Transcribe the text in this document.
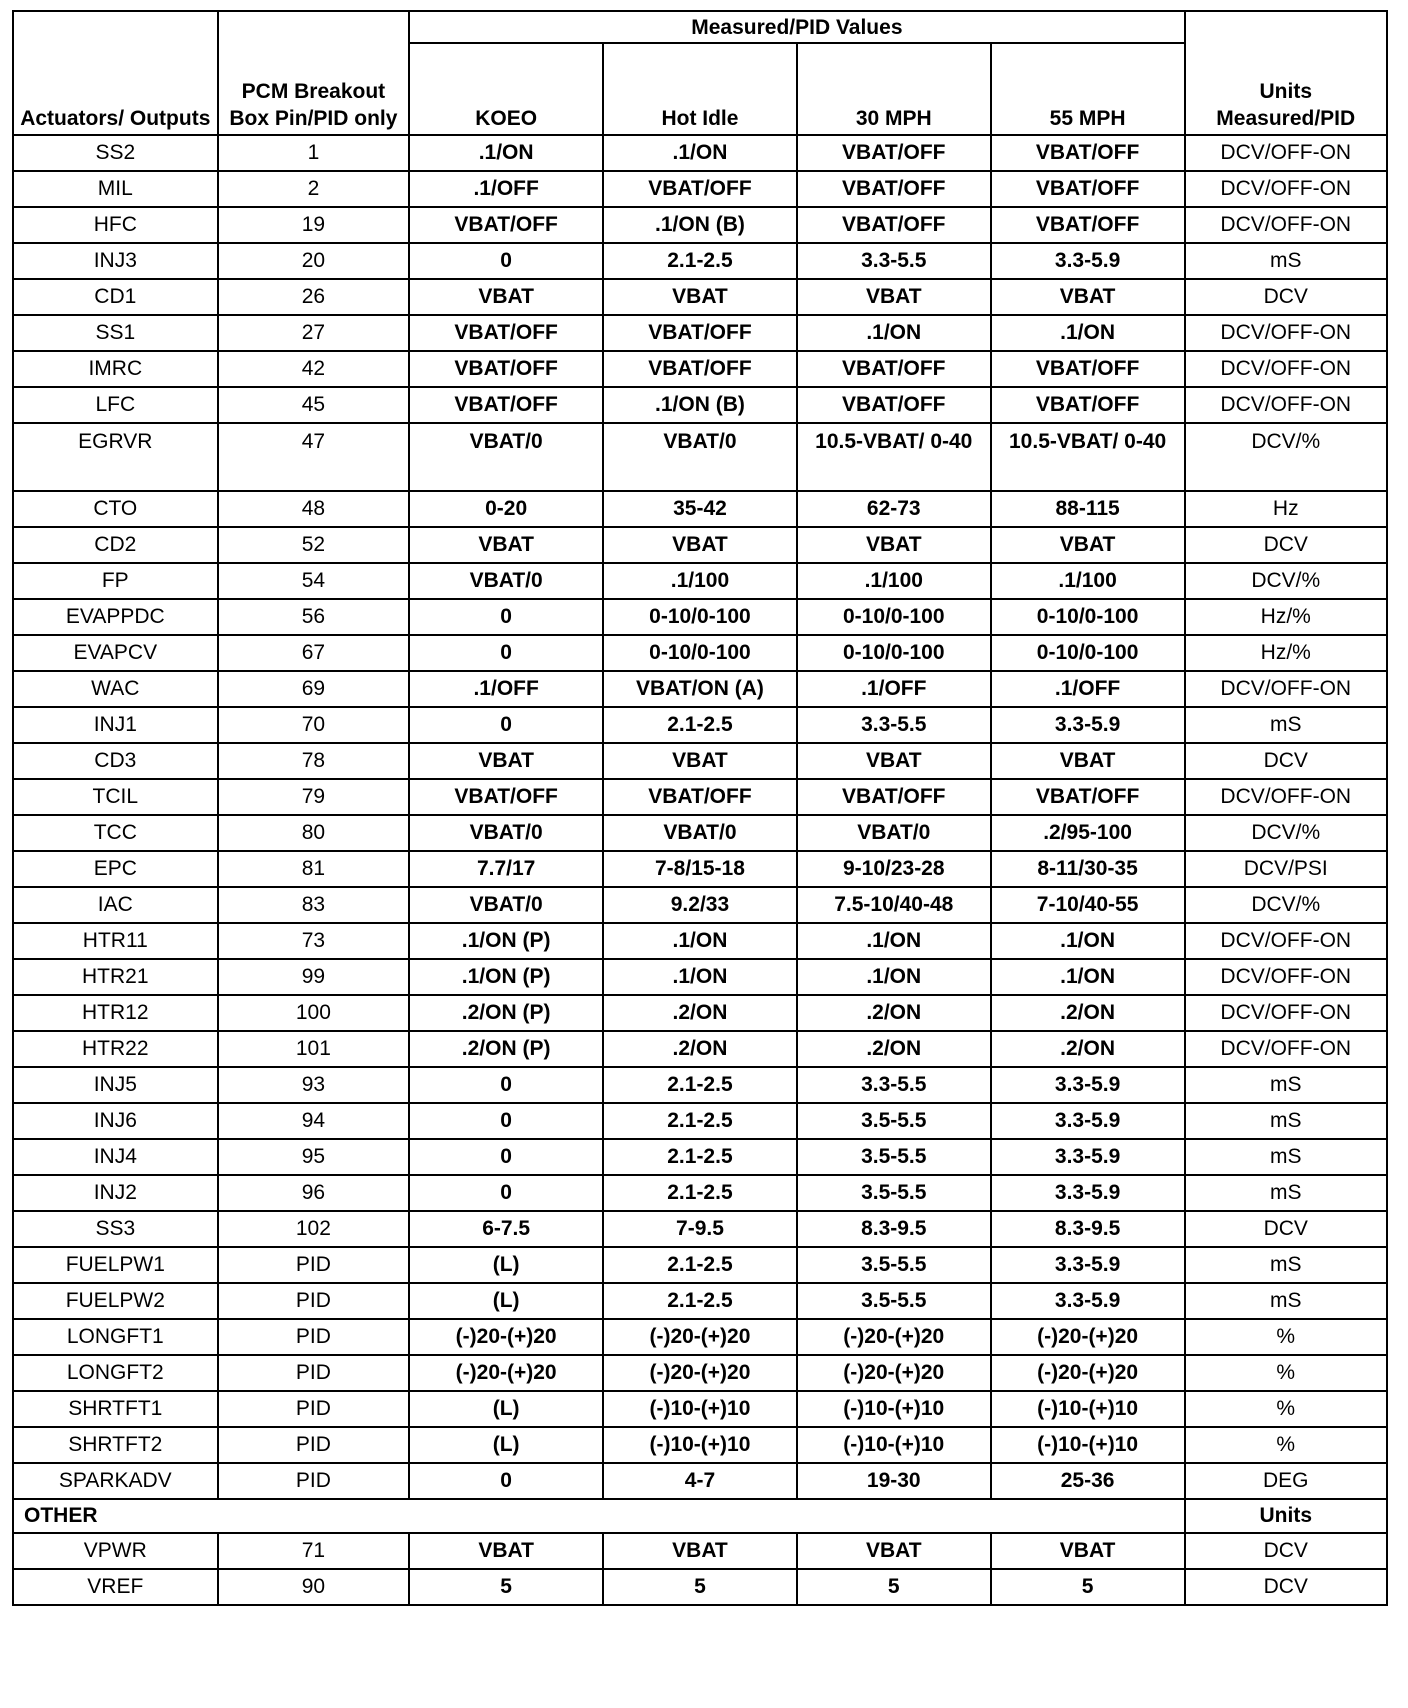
Actuators/ Outputs	PCM Breakout Box Pin/PID only	Measured/PID Values				Units Measured/PID
		KOEO	Hot Idle	30 MPH	55 MPH	
SS2	1	.1/ON	.1/ON	VBAT/OFF	VBAT/OFF	DCV/OFF-ON
MIL	2	.1/OFF	VBAT/OFF	VBAT/OFF	VBAT/OFF	DCV/OFF-ON
HFC	19	VBAT/OFF	.1/ON (B)	VBAT/OFF	VBAT/OFF	DCV/OFF-ON
INJ3	20	0	2.1-2.5	3.3-5.5	3.3-5.9	mS
CD1	26	VBAT	VBAT	VBAT	VBAT	DCV
SS1	27	VBAT/OFF	VBAT/OFF	.1/ON	.1/ON	DCV/OFF-ON
IMRC	42	VBAT/OFF	VBAT/OFF	VBAT/OFF	VBAT/OFF	DCV/OFF-ON
LFC	45	VBAT/OFF	.1/ON (B)	VBAT/OFF	VBAT/OFF	DCV/OFF-ON
EGRVR	47	VBAT/0	VBAT/0	10.5-VBAT/ 0-40	10.5-VBAT/ 0-40	DCV/%
CTO	48	0-20	35-42	62-73	88-115	Hz
CD2	52	VBAT	VBAT	VBAT	VBAT	DCV
FP	54	VBAT/0	.1/100	.1/100	.1/100	DCV/%
EVAPPDC	56	0	0-10/0-100	0-10/0-100	0-10/0-100	Hz/%
EVAPCV	67	0	0-10/0-100	0-10/0-100	0-10/0-100	Hz/%
WAC	69	.1/OFF	VBAT/ON (A)	.1/OFF	.1/OFF	DCV/OFF-ON
INJ1	70	0	2.1-2.5	3.3-5.5	3.3-5.9	mS
CD3	78	VBAT	VBAT	VBAT	VBAT	DCV
TCIL	79	VBAT/OFF	VBAT/OFF	VBAT/OFF	VBAT/OFF	DCV/OFF-ON
TCC	80	VBAT/0	VBAT/0	VBAT/0	.2/95-100	DCV/%
EPC	81	7.7/17	7-8/15-18	9-10/23-28	8-11/30-35	DCV/PSI
IAC	83	VBAT/0	9.2/33	7.5-10/40-48	7-10/40-55	DCV/%
HTR11	73	.1/ON (P)	.1/ON	.1/ON	.1/ON	DCV/OFF-ON
HTR21	99	.1/ON (P)	.1/ON	.1/ON	.1/ON	DCV/OFF-ON
HTR12	100	.2/ON (P)	.2/ON	.2/ON	.2/ON	DCV/OFF-ON
HTR22	101	.2/ON (P)	.2/ON	.2/ON	.2/ON	DCV/OFF-ON
INJ5	93	0	2.1-2.5	3.3-5.5	3.3-5.9	mS
INJ6	94	0	2.1-2.5	3.5-5.5	3.3-5.9	mS
INJ4	95	0	2.1-2.5	3.5-5.5	3.3-5.9	mS
INJ2	96	0	2.1-2.5	3.5-5.5	3.3-5.9	mS
SS3	102	6-7.5	7-9.5	8.3-9.5	8.3-9.5	DCV
FUELPW1	PID	(L)	2.1-2.5	3.5-5.5	3.3-5.9	mS
FUELPW2	PID	(L)	2.1-2.5	3.5-5.5	3.3-5.9	mS
LONGFT1	PID	(-)20-(+)20	(-)20-(+)20	(-)20-(+)20	(-)20-(+)20	%
LONGFT2	PID	(-)20-(+)20	(-)20-(+)20	(-)20-(+)20	(-)20-(+)20	%
SHRTFT1	PID	(L)	(-)10-(+)10	(-)10-(+)10	(-)10-(+)10	%
SHRTFT2	PID	(L)	(-)10-(+)10	(-)10-(+)10	(-)10-(+)10	%
SPARKADV	PID	0	4-7	19-30	25-36	DEG
OTHER						Units
VPWR	71	VBAT	VBAT	VBAT	VBAT	DCV
VREF	90	5	5	5	5	DCV
